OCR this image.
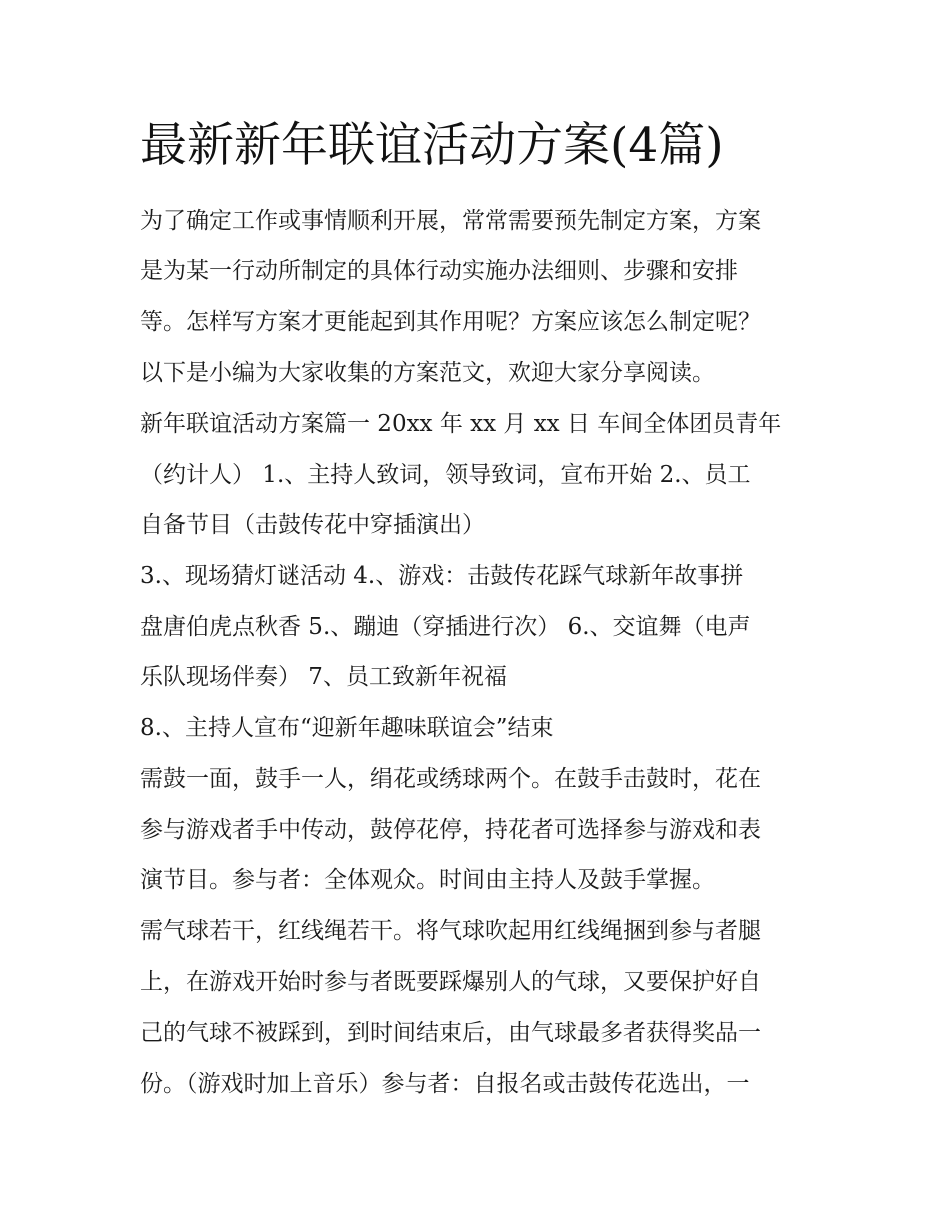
最新新年联谊活动方案(4篇)

为了确定工作或事情顺利开展，常常需要预先制定方案，方案

是为某一行动所制定的具体行动实施办法细则、步骤和安排

等。怎样写方案才更能起到其作用呢？方案应该怎么制定呢？

以下是小编为大家收集的方案范文，欢迎大家分享阅读。

新年联谊活动方案篇一 20xx 年 xx 月 xx 日 车间全体团员青年

（约计人） 1.、主持人致词，领导致词，宣布开始 2.、员工

自备节目（击鼓传花中穿插演出）

3.、现场猜灯谜活动 4.、游戏：击鼓传花踩气球新年故事拼

盘唐伯虎点秋香 5.、蹦迪（穿插进行次） 6.、交谊舞（电声

乐队现场伴奏） 7、员工致新年祝福

8.、主持人宣布“迎新年趣味联谊会”结束

需鼓一面，鼓手一人，绢花或绣球两个。在鼓手击鼓时，花在

参与游戏者手中传动，鼓停花停，持花者可选择参与游戏和表

演节目。参与者：全体观众。时间由主持人及鼓手掌握。

需气球若干，红线绳若干。将气球吹起用红线绳捆到参与者腿

上，在游戏开始时参与者既要踩爆别人的气球，又要保护好自

己的气球不被踩到，到时间结束后，由气球最多者获得奖品一

份。（游戏时加上音乐）参与者：自报名或击鼓传花选出，一
